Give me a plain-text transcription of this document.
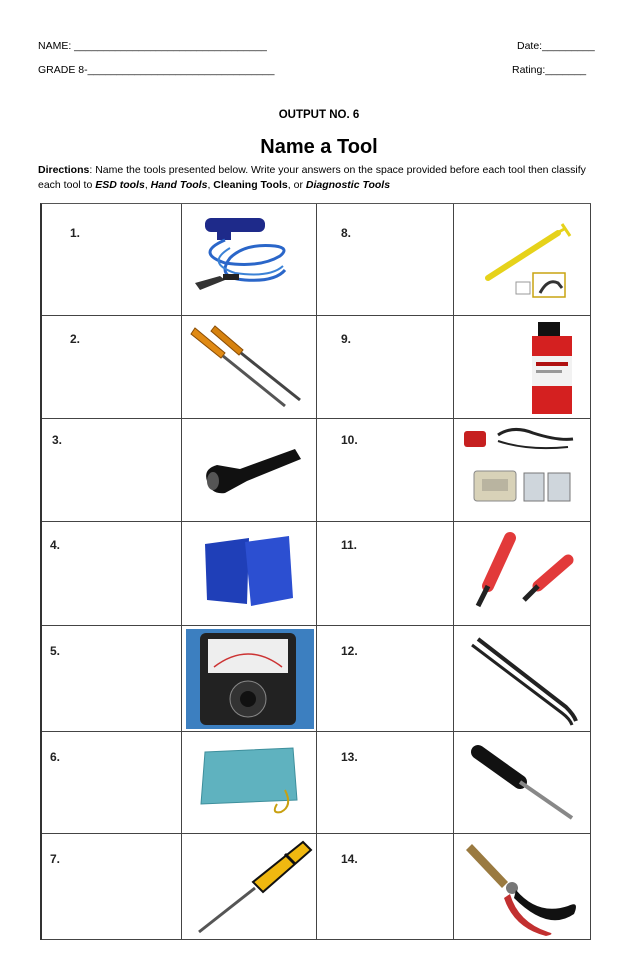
NAME: _________________________________	Date:_________
GRADE 8-________________________________	Rating:_______
OUTPUT NO. 6
Name a Tool
Directions: Name the tools presented below. Write your answers on the space provided before each tool then classify each tool to ESD tools, Hand Tools, Cleaning Tools, or Diagnostic Tools
1.	8.
2.	9.
3.	10.
4.	11.
5.	12.
6.	13.
7.	14.
